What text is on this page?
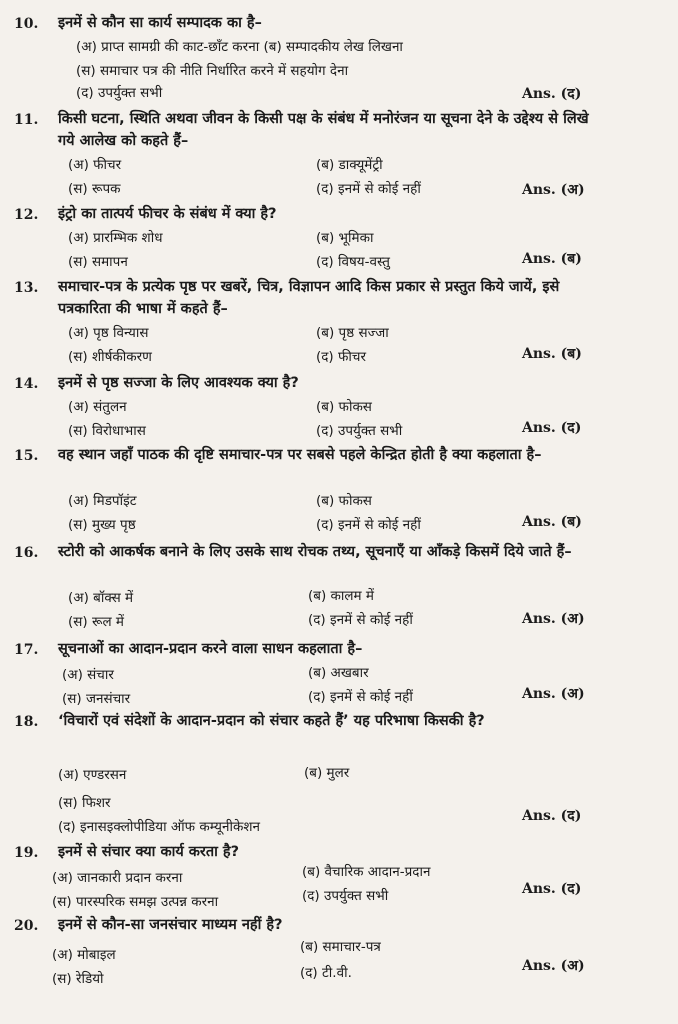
10. इनमें से कौन सा कार्य सम्पादक का है–
(अ) प्राप्त सामग्री की काट-छाँट करना (ब) सम्पादकीय लेख लिखना
(स) समाचार पत्र की नीति निर्धारित करने में सहयोग देना
(द) उपर्युक्त सभी	Ans. (द)
11. किसी घटना, स्थिति अथवा जीवन के किसी पक्ष के संबंध में मनोरंजन या सूचना देने के उद्देश्य से लिखे गये आलेख को कहते हैं–
(अ) फीचर	(ब) डाक्यूमेंट्री
(स) रूपक	(द) इनमें से कोई नहीं	Ans. (अ)
12. इंट्रो का तात्पर्य फीचर के संबंध में क्या है?
(अ) प्रारम्भिक शोध	(ब) भूमिका
(स) समापन	(द) विषय-वस्तु	Ans. (ब)
13. समाचार-पत्र के प्रत्येक पृष्ठ पर खबरें, चित्र, विज्ञापन आदि किस प्रकार से प्रस्तुत किये जायें, इसे पत्रकारिता की भाषा में कहते हैं–
(अ) पृष्ठ विन्यास	(ब) पृष्ठ सज्जा
(स) शीर्षकीकरण	(द) फीचर	Ans. (ब)
14. इनमें से पृष्ठ सज्जा के लिए आवश्यक क्या है?
(अ) संतुलन	(ब) फोकस
(स) विरोधाभास	(द) उपर्युक्त सभी	Ans. (द)
15. वह स्थान जहाँ पाठक की दृष्टि समाचार-पत्र पर सबसे पहले केन्द्रित होती है क्या कहलाता है–
(अ) मिडपॉइंट	(ब) फोकस
(स) मुख्य पृष्ठ	(द) इनमें से कोई नहीं	Ans. (ब)
16. स्टोरी को आकर्षक बनाने के लिए उसके साथ रोचक तथ्य, सूचनाएँ या आँकड़े किसमें दिये जाते हैं–
(अ) बॉक्स में	(ब) कालम में
(स) रूल में	(द) इनमें से कोई नहीं	Ans. (अ)
17. सूचनाओं का आदान-प्रदान करने वाला साधन कहलाता है–
(अ) संचार	(ब) अखबार
(स) जनसंचार	(द) इनमें से कोई नहीं	Ans. (अ)
18. ‘विचारों एवं संदेशों के आदान-प्रदान को संचार कहते हैं’ यह परिभाषा किसकी है?
(अ) एण्डरसन	(ब) मुलर
(स) फिशर
(द) इनासइक्लोपीडिया ऑफ कम्यूनीकेशन
Ans. (द)
19. इनमें से संचार क्या कार्य करता है?
(अ) जानकारी प्रदान करना	(ब) वैचारिक आदान-प्रदान
(स) पारस्परिक समझ उत्पन्न करना	(द) उपर्युक्त सभी	Ans. (द)
20. इनमें से कौन-सा जनसंचार माध्यम नहीं है?
(अ) मोबाइल	(ब) समाचार-पत्र
(स) रेडियो	(द) टी.वी.	Ans. (अ)
